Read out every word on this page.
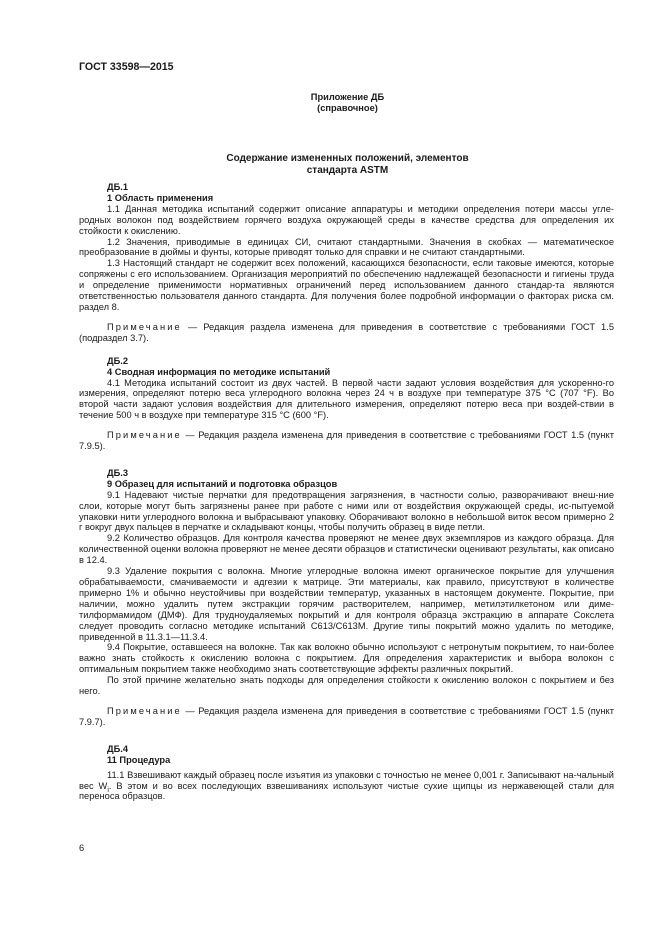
ГОСТ 33598—2015
Приложение ДБ
(справочное)
Содержание измененных положений, элементов
стандарта ASTM
ДБ.1
1 Область применения
1.1 Данная методика испытаний содержит описание аппаратуры и методики определения потери массы угле-родных волокон под воздействием горячего воздуха окружающей среды в качестве средства для определения их стойкости к окислению.
1.2 Значения, приводимые в единицах СИ, считают стандартными. Значения в скобках — математическое преобразование в дюймы и фунты, которые приводят только для справки и не считают стандартными.
1.3 Настоящий стандарт не содержит всех положений, касающихся безопасности, если таковые имеются, которые сопряжены с его использованием. Организация мероприятий по обеспечению надлежащей безопасности и гигиены труда и определение применимости нормативных ограничений перед использованием данного стандар-та являются ответственностью пользователя данного стандарта. Для получения более подробной информации о факторах риска см. раздел 8.
Примечание — Редакция раздела изменена для приведения в соответствие с требованиями ГОСТ 1.5 (подраздел 3.7).
ДБ.2
4 Сводная информация по методике испытаний
4.1 Методика испытаний состоит из двух частей. В первой части задают условия воздействия для ускоренно-го измерения, определяют потерю веса углеродного волокна через 24 ч в воздухе при температуре 375 °С (707 °F). Во второй части задают условия воздействия для длительного измерения, определяют потерю веса при воздей-ствии в течение 500 ч в воздухе при температуре 315 °С (600 °F).
Примечание — Редакция раздела изменена для приведения в соответствие с требованиями ГОСТ 1.5 (пункт 7.9.5).
ДБ.3
9 Образец для испытаний и подготовка образцов
9.1 Надевают чистые перчатки для предотвращения загрязнения, в частности солью, разворачивают внеш-ние слои, которые могут быть загрязнены ранее при работе с ними или от воздействия окружающей среды, ис-пытуемой упаковки нити углеродного волокна и выбрасывают упаковку. Оборачивают волокно в небольшой виток весом примерно 2 г вокруг двух пальцев в перчатке и складывают концы, чтобы получить образец в виде петли.
9.2 Количество образцов. Для контроля качества проверяют не менее двух экземпляров из каждого образца. Для количественной оценки волокна проверяют не менее десяти образцов и статистически оценивают результаты, как описано в 12.4.
9.3 Удаление покрытия с волокна. Многие углеродные волокна имеют органическое покрытие для улучшения обрабатываемости, смачиваемости и адгезии к матрице. Эти материалы, как правило, присутствуют в количестве примерно 1% и обычно неустойчивы при воздействии температур, указанных в настоящем документе. Покрытие, при наличии, можно удалить путем экстракции горячим растворителем, например, метилэтилкетоном или диме-тилформамидом (ДМФ). Для трудноудаляемых покрытий и для контроля образца экстракцию в аппарате Сокслета следует проводить согласно методике испытаний C613/C613M. Другие типы покрытий можно удалить по методике, приведенной в 11.3.1—11.3.4.
9.4 Покрытие, оставшееся на волокне. Так как волокно обычно используют с нетронутым покрытием, то наи-более важно знать стойкость к окислению волокна с покрытием. Для определения характеристик и выбора волокон с оптимальным покрытием также необходимо знать соответствующие эффекты различных покрытий.
По этой причине желательно знать подходы для определения стойкости к окислению волокон с покрытием и без него.
Примечание — Редакция раздела изменена для приведения в соответствие с требованиями ГОСТ 1.5 (пункт 7.9.7).
ДБ.4
11 Процедура
11.1 Взвешивают каждый образец после изъятия из упаковки с точностью не менее 0,001 г. Записывают на-чальный вес $W_i$. В этом и во всех последующих взвешиваниях используют чистые сухие щипцы из нержавеющей стали для переноса образцов.
6
